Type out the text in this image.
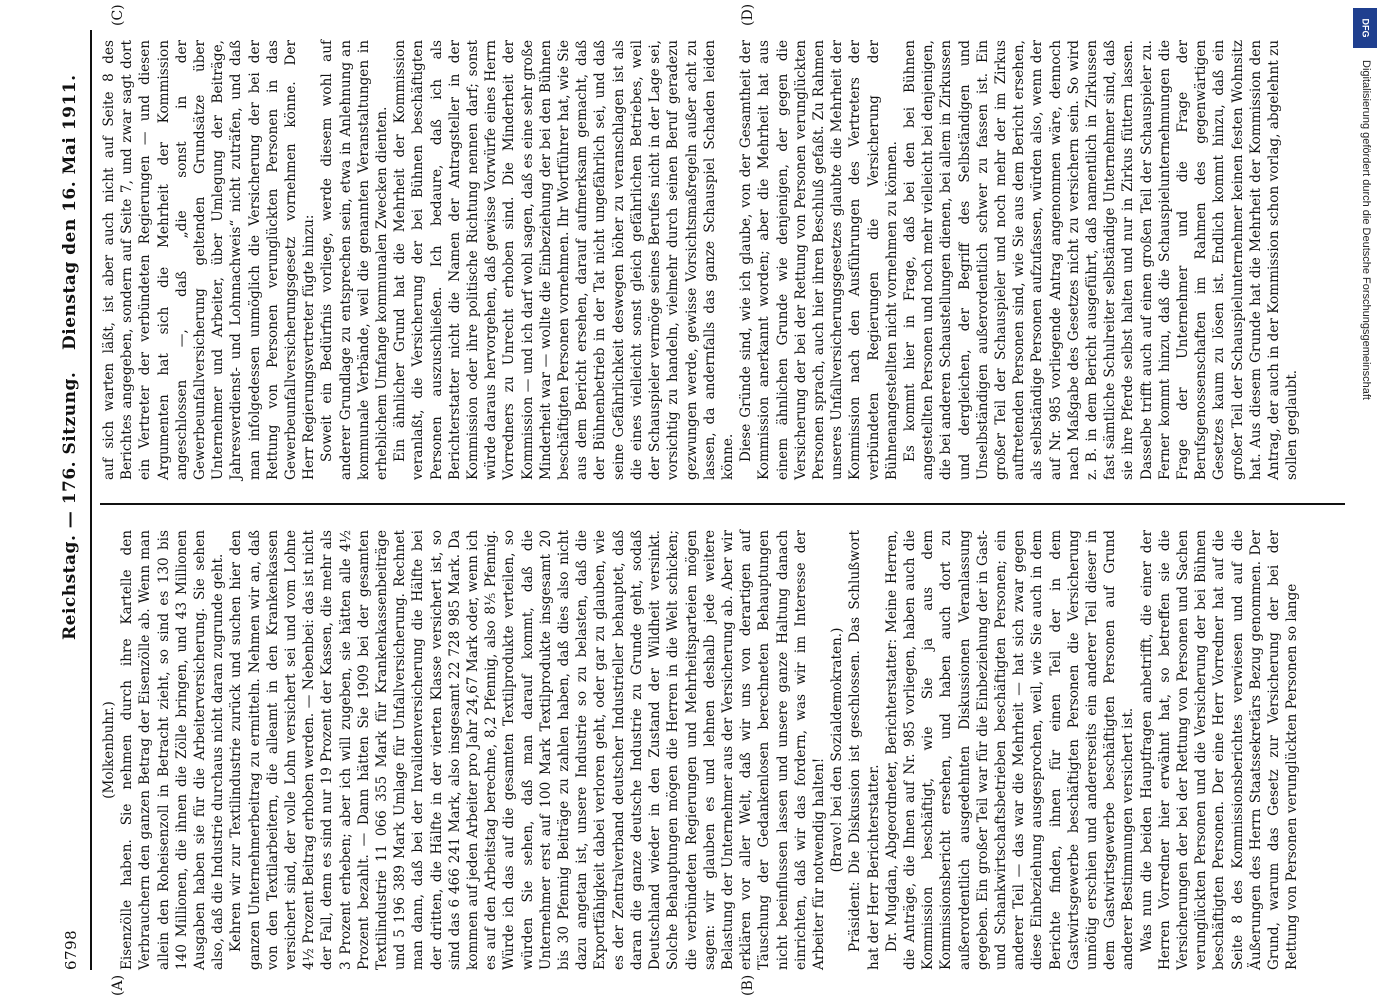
6798
Reichstag. — 176. Sitzung.
Dienstag den 16. Mai 1911.
(A)	(B)
(C)	(D)

(Molkenbuhr.) Eisenzölle haben. Sie nehmen durch ihre Kartelle den Verbrauchern den ganzen Betrag der Eisenzölle ab. Wenn man allein den Roheisenzoll in Betracht zieht, so sind es 130 bis 140 Millionen, die ihnen die Zölle bringen, und 43 Millionen Ausgaben haben sie für die Arbeiterversicherung. Sie sehen also, daß die Industrie durchaus nicht daran zugrunde geht. Kehren wir zur Textilindustrie zurück und suchen hier den ganzen Unternehmerbeitrag zu ermitteln. Nehmen wir an, daß von den Textilarbeitern, die alleamt in den Krankenkassen versichert sind, der volle Lohn versichert sei und vom Lohne 4½ Prozent Beitrag erhoben werden. — Nebenbei: das ist nicht der Fall, denn es sind nur 19 Prozent der Kassen, die mehr als 3 Prozent erheben; aber ich will zugeben, sie hätten alle 4½ Prozent bezahlt. — Dann hätten Sie 1909 bei der gesamten Textilindustrie 11 066 355 Mark für Krankenkassenbeiträge und 5 196 389 Mark Umlage für Unfallversicherung. Rechnet man dann, daß bei der Invalidenversicherung die Hälfte bei der dritten, die Hälfte in der vierten Klasse versichert ist, so sind das 6 466 241 Mark, also insgesamt 22 728 985 Mark. Da kommen auf jeden Arbeiter pro Jahr 24,67 Mark oder, wenn ich es auf den Arbeitstag berechne, 8,2 Pfennig, also 8⅕ Pfennig. Würde ich das auf die gesamten Textilprodukte verteilen, so würden Sie sehen, daß man darauf kommt, daß die Unternehmer erst auf 100 Mark Textilprodukte insgesamt 20 bis 30 Pfennig Beiträge zu zahlen haben, daß dies also nicht dazu angetan ist, unsere Industrie so zu belasten, daß die Exportfähigkeit dabei verloren geht, oder gar zu glauben, wie es der Zentralverband deutscher Industrieller behauptet, daß daran die ganze deutsche Industrie zu Grunde geht, sodaß Deutschland wieder in den Zustand der Wildheit versinkt. Solche Behauptungen mögen die Herren in die Welt schicken; die verbündeten Regierungen und Mehrheitsparteien mögen sagen: wir glauben es und lehnen deshalb jede weitere Belastung der Unternehmer aus der Versicherung ab. Aber wir erklären vor aller Welt, daß wir uns von derartigen auf Täuschung der Gedankenlosen berechneten Behauptungen nicht beeinflussen lassen und unsere ganze Haltung danach einrichten, daß wir das fordern, was wir im Interesse der Arbeiter für notwendig halten! (Bravo! bei den Sozialdemokraten.) Präsident: Die Diskussion ist geschlossen. Das Schlußwort hat der Herr Berichterstatter. Dr. Mugdan, Abgeordneter, Berichterstatter: Meine Herren, die Anträge, die Ihnen auf Nr. 985 vorliegen, haben auch die Kommission beschäftigt, wie Sie ja aus dem Kommissionsbericht ersehen, und haben auch dort zu außerordentlich ausgedehnten Diskussionen Veranlassung gegeben. Ein großer Teil war für die Einbeziehung der in Gast- und Schankwirtschaftsbetrieben beschäftigten Personen; ein anderer Teil — das war die Mehrheit — hat sich zwar gegen diese Einbeziehung ausgesprochen, weil, wie Sie auch in dem Berichte finden, ihnen für einen Teil der in dem Gastwirtsgewerbe beschäftigten Personen die Versicherung unnötig erschien und andererseits ein anderer Teil dieser in dem Gastwirtsgewerbe beschäftigten Personen auf Grund anderer Bestimmungen versichert ist. Was nun die beiden Hauptfragen anbetrifft, die einer der Herren Vorredner hier erwähnt hat, so betreffen sie die Versicherungen der bei der Rettung von Personen und Sachen verunglückten Personen und die Versicherung der bei Bühnen beschäftigten Personen. Der eine Herr Vorredner hat auf die Seite 8 des Kommissionsberichtes verwiesen und auf die Äußerungen des Herrn Staatssekretärs Bezug genommen. Der Grund, warum das Gesetz zur Versicherung der bei der Rettung von Personen verunglückten Personen so lange

auf sich warten läßt, ist aber auch nicht auf Seite 8 des Berichtes angegeben, sondern auf Seite 7, und zwar sagt dort ein Vertreter der verbündeten Regierungen — und diesen Argumenten hat sich die Mehrheit der Kommission angeschlossen —, daß „die sonst in der Gewerbeunfallversicherung geltenden Grundsätze über Unternehmer und Arbeiter, über Umlegung der Beiträge, Jahresverdienst- und Lohnnachweis“ nicht zuträfen, und daß man infolgedessen unmöglich die Versicherung der bei der Rettung von Personen verunglückten Personen in das Gewerbeunfallversicherungsgesetz vornehmen könne. Der Herr Regierungsvertreter fügte hinzu: Soweit ein Bedürfnis vorliege, werde diesem wohl auf anderer Grundlage zu entsprechen sein, etwa in Anlehnung an kommunale Verbände, weil die genannten Veranstaltungen in erheblichem Umfange kommunalen Zwecken dienten. Ein ähnlicher Grund hat die Mehrheit der Kommission veranlaßt, die Versicherung der bei Bühnen beschäftigten Personen auszuschließen. Ich bedaure, daß ich als Berichterstatter nicht die Namen der Antragsteller in der Kommission oder ihre politische Richtung nennen darf; sonst würde daraus hervorgehen, daß gewisse Vorwürfe eines Herrn Vorredners zu Unrecht erhoben sind. Die Minderheit der Kommission — und ich darf wohl sagen, daß es eine sehr große Minderheit war — wollte die Einbeziehung der bei den Bühnen beschäftigten Personen vornehmen. Ihr Wortführer hat, wie Sie aus dem Bericht ersehen, darauf aufmerksam gemacht, daß der Bühnenbetrieb in der Tat nicht ungefährlich sei, und daß seine Gefährlichkeit deswegen höher zu veranschlagen ist als die eines vielleicht sonst gleich gefährlichen Betriebes, weil der Schauspieler vermöge seines Berufes nicht in der Lage sei, vorsichtig zu handeln, vielmehr durch seinen Beruf geradezu gezwungen werde, gewisse Vorsichtsmaßregeln außer acht zu lassen, da andernfalls das ganze Schauspiel Schaden leiden könne. Diese Gründe sind, wie ich glaube, von der Gesamtheit der Kommission anerkannt worden; aber die Mehrheit hat aus einem ähnlichen Grunde wie denjenigen, der gegen die Versicherung der bei der Rettung von Personen verunglückten Personen sprach, auch hier ihren Beschluß gefaßt. Zu Rahmen unseres Unfallversicherungsgesetzes glaubte die Mehrheit der Kommission nach den Ausführungen des Vertreters der verbündeten Regierungen die Versicherung der Bühnenangestellten nicht vornehmen zu können. Es kommt hier in Frage, daß bei den bei Bühnen angestellten Personen und noch mehr vielleicht bei denjenigen, die bei anderen Schaustellungen dienen, bei allem in Zirkussen und dergleichen, der Begriff des Selbständigen und Unselbständigen außerordentlich schwer zu fassen ist. Ein großer Teil der Schauspieler und noch mehr der im Zirkus auftretenden Personen sind, wie Sie aus dem Bericht ersehen, als selbständige Personen aufzufassen, würden also, wenn der auf Nr. 985 vorliegende Antrag angenommen wäre, dennoch nach Maßgabe des Gesetzes nicht zu versichern sein. So wird z. B. in dem Bericht ausgeführt, daß namentlich in Zirkussen fast sämtliche Schulreiter selbständige Unternehmer sind, daß sie ihre Pferde selbst halten und nur in Zirkus füttern lassen. Dasselbe trifft auch auf einen großen Teil der Schauspieler zu. Ferner kommt hinzu, daß die Schauspielunternehmungen die Frage der Unternehmer und die Frage der Berufsgenossenschaften im Rahmen des gegenwärtigen Gesetzes kaum zu lösen ist. Endlich kommt hinzu, daß ein großer Teil der Schauspielunternehmer keinen festen Wohnsitz hat. Aus diesem Grunde hat die Mehrheit der Kommission den Antrag, der auch in der Kommission schon vorlag, abgelehnt zu sollen geglaubt.

DFG
Digitalisierung gefördert durch die Deutsche Forschungsgemeinschaft
